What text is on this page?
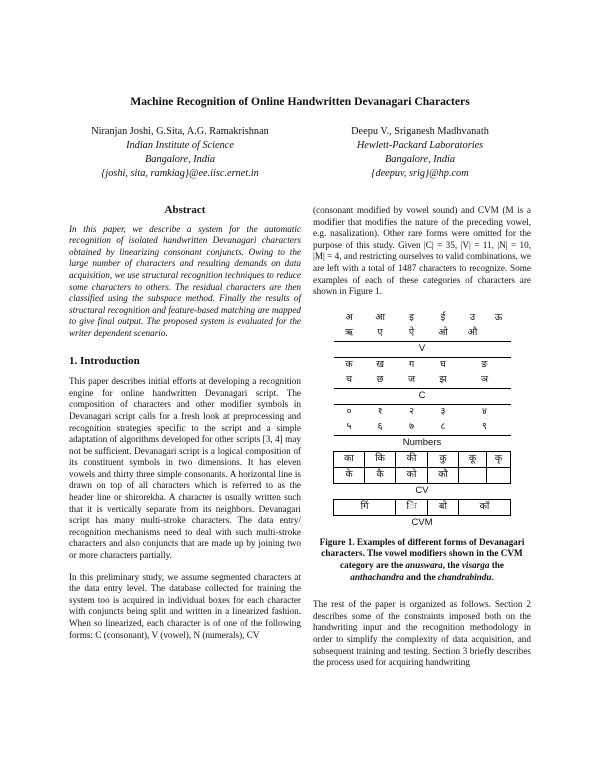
Machine Recognition of Online Handwritten Devanagari Characters
Niranjan Joshi, G.Sita, A.G. Ramakrishnan
Indian Institute of Science
Bangalore, India
{joshi, sita, ramkiag}@ee.iisc.ernet.in
Deepu V., Sriganesh Madhvanath
Hewlett-Packard Laboratories
Bangalore, India
{deepuv, srig}@hp.com
Abstract

In this paper, we describe a system for the automatic recognition of isolated handwritten Devanagari characters obtained by linearizing consonant conjuncts. Owing to the large number of characters and resulting demands on data acquisition, we use structural recognition techniques to reduce some characters to others. The residual characters are then classified using the subspace method. Finally the results of structural recognition and feature-based matching are mapped to give final output. The proposed system is evaluated for the writer dependent scenario.

1. Introduction

This paper describes initial efforts at developing a recognition engine for online handwritten Devanagari script. The composition of characters and other modifier symbols in Devanagari script calls for a fresh look at preprocessing and recognition strategies specific to the script and a simple adaptation of algorithms developed for other scripts [3, 4] may not be sufficient. Devanagari script is a logical composition of its constituent symbols in two dimensions. It has eleven vowels and thirty three simple consonants. A horizontal line is drawn on top of all characters which is referred to as the header line or shirorekha. A character is usually written such that it is vertically separate from its neighbors. Devanagari script has many multi-stroke characters. The data entry/ recognition mechanisms need to deal with such multi-stroke characters and also conjuncts that are made up by joining two or more characters partially.

In this preliminary study, we assume segmented characters at the data entry level. The database collected for training the system too is acquired in individual boxes for each character with conjuncts being split and written in a linearized fashion. When so linearized, each character is of one of the following forms: C (consonant), V (vowel), N (numerals), CV

(consonant modified by vowel sound) and CVM (M is a modifier that modifies the nature of the preceding vowel, e.g. nasalization). Other rare forms were omitted for the purpose of this study. Given |C| = 35, |V| = 11, |N| = 10, |M| = 4, and restricting ourselves to valid combinations, we are left with a total of 1487 characters to recognize. Some examples of each of these categories of characters are shown in Figure 1.

अ	आ	इ	ई	उ	ऊ
ऋ	ए	ऐ	ओ	औ	
V					
क	ख	ग	घ	ङ	
च	छ	ज	झ	ञ	
C					
०	१	२	३	४	
५	६	७	८	९	
Numbers					
का	कि	की	कु	कू	कृ
के	कै	को	कौ		
CV					
गिं		िः	बो	कॉ	
CVM					
Figure 1. Examples of different forms of Devanagari characters. The vowel modifiers shown in the CVM category are the anuswara, the visarga the anthachandra and the chandrabindu.

The rest of the paper is organized as follows. Section 2 describes some of the constraints imposed both on the handwriting input and the recognition methodology in order to simplify the complexity of data acquisition, and subsequent training and testing. Section 3 briefly describes the process used for acquiring handwriting
